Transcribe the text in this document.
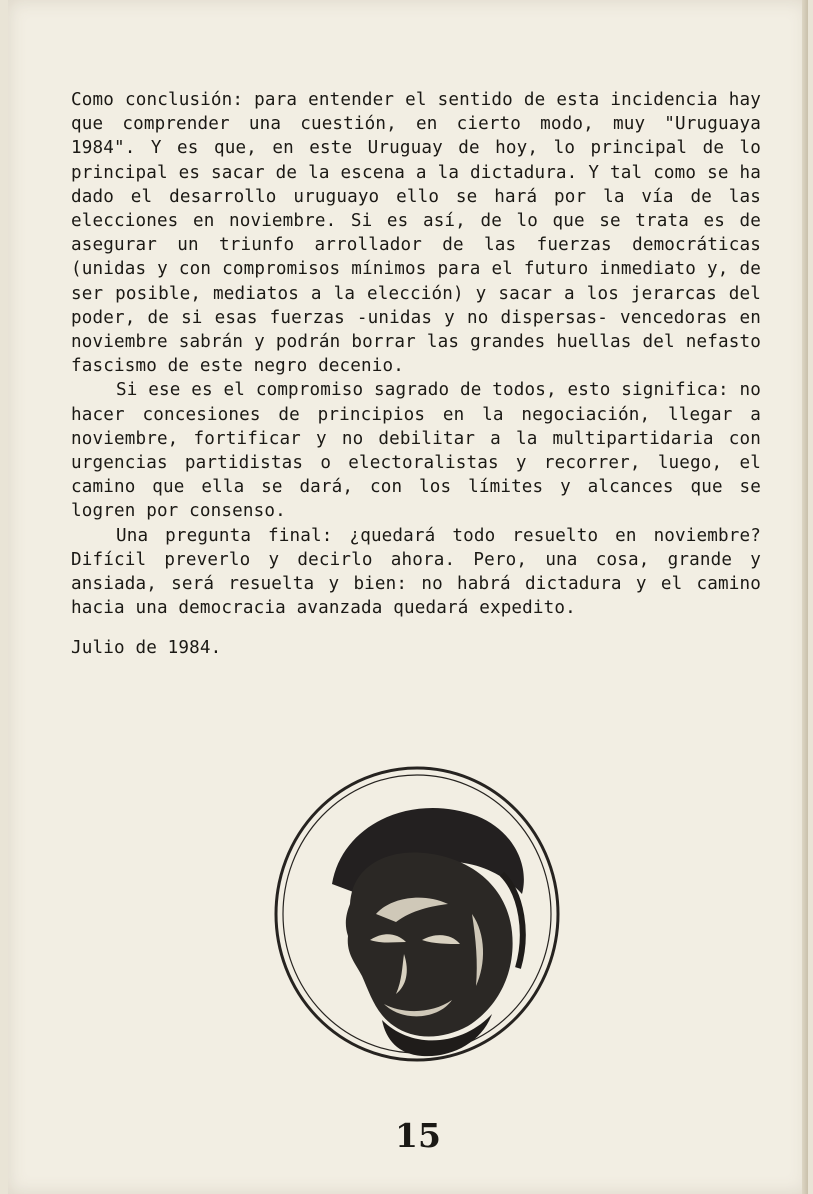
Como conclusión: para entender el sentido de esta incidencia hay que comprender una cuestión, en cierto modo, muy "Uruguaya 1984". Y es que, en este Uruguay de hoy, lo principal de lo principal es sacar de la escena a la dictadura. Y tal como se ha dado el desarrollo uruguayo ello se hará por la vía de las elecciones en noviembre. Si es así, de lo que se trata es de asegurar un triunfo arrollador de las fuerzas democráticas (unidas y con compromisos mínimos para el futuro inmediato y, de ser posible, mediatos a la elección) y sacar a los jerarcas del poder, de si esas fuerzas -unidas y no dispersas- vencedoras en noviembre sabrán y podrán borrar las grandes huellas del nefasto fascismo de este negro decenio.

Si ese es el compromiso sagrado de todos, esto significa: no hacer concesiones de principios en la negociación, llegar a noviembre, fortificar y no debilitar a la multipartidaria con urgencias partidistas o electoralistas y recorrer, luego, el camino que ella se dará, con los límites y alcances que se logren por consenso.

Una pregunta final: ¿quedará todo resuelto en noviembre? Difícil preverlo y decirlo ahora. Pero, una cosa, grande y ansiada, será resuelta y bien: no habrá dictadura y el camino hacia una democracia avanzada quedará expedito.

Julio de 1984.

15
